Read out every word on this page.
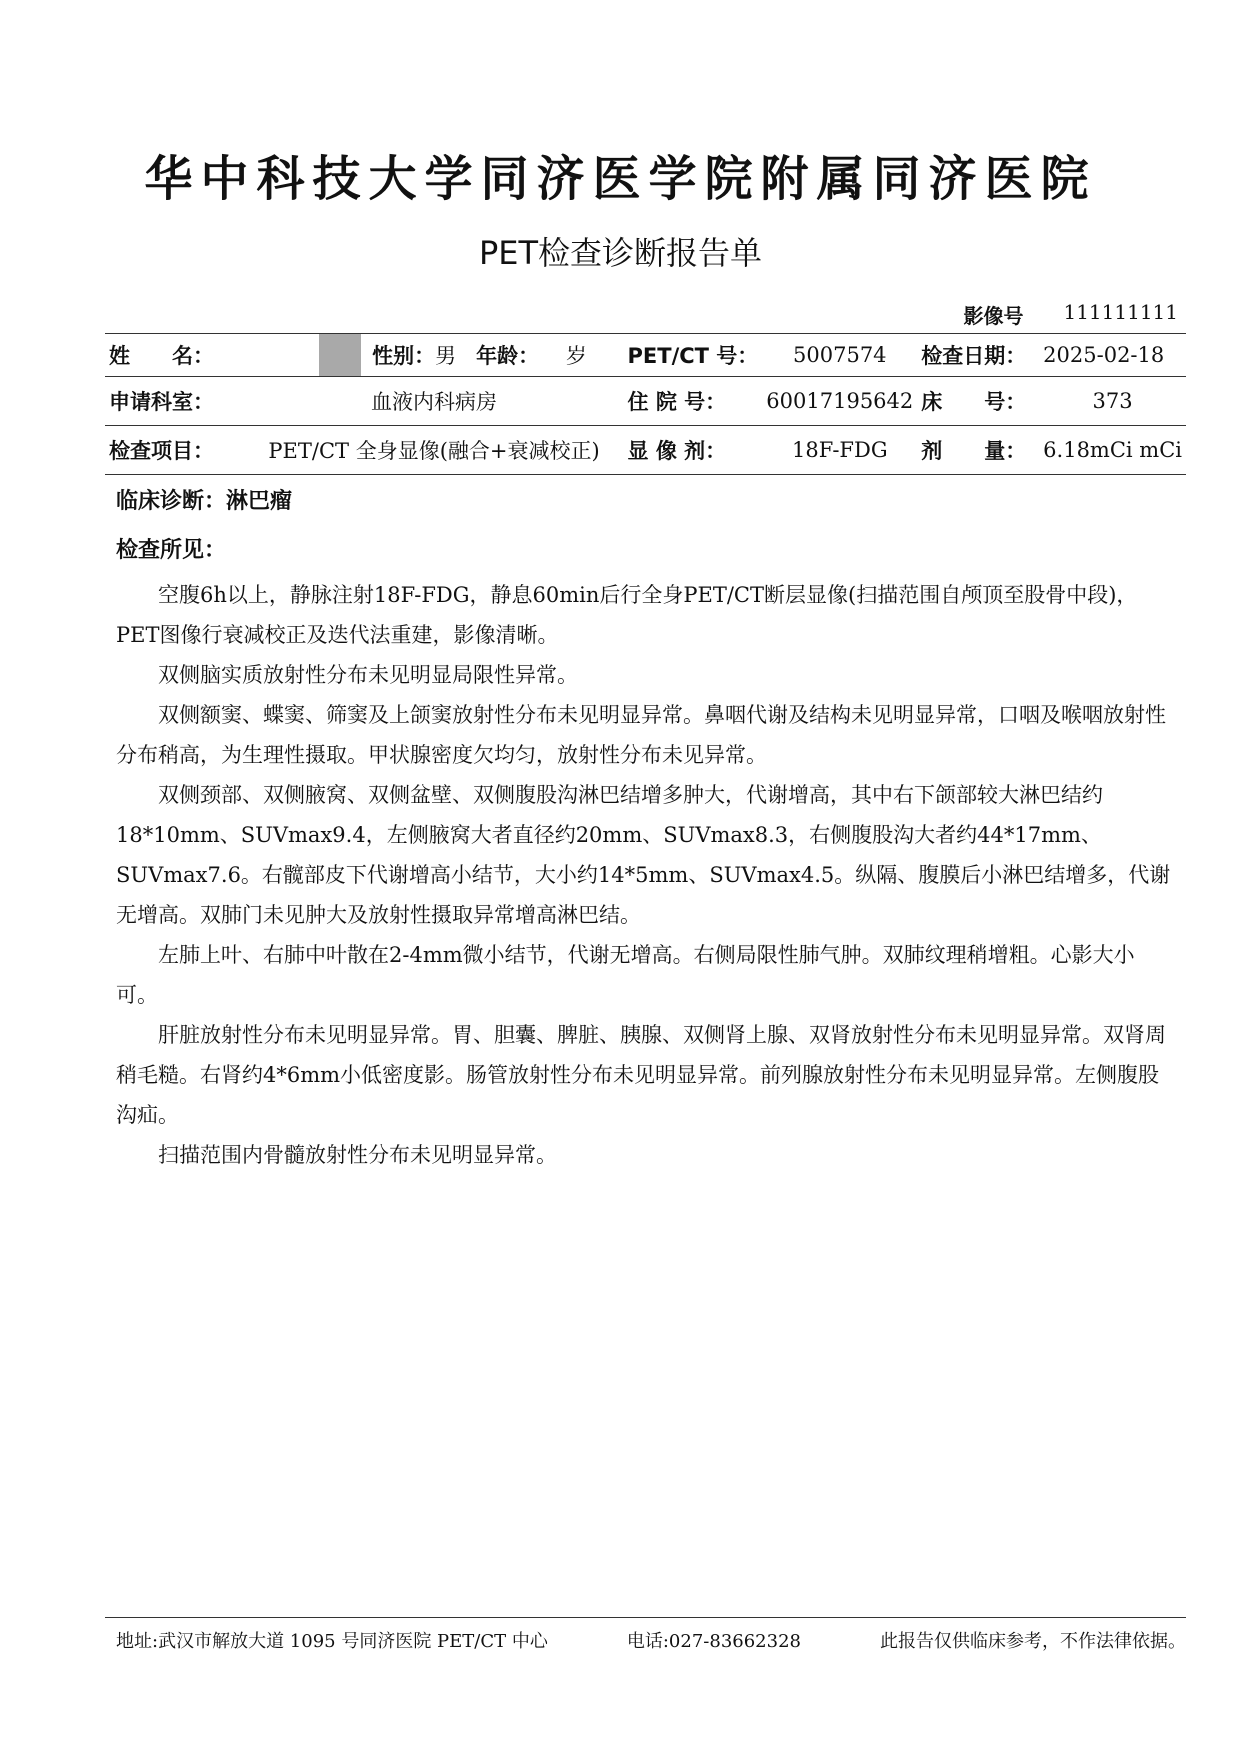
华中科技大学同济医学院附属同济医院
PET检查诊断报告单
影像号 111111111
姓　　名：		性别：男 年龄： 岁	PET/CT 号：	5007574	检查日期：	2025-02-18
申请科室：	血液内科病房		住 院 号：	60017195642	床　　号：	373
检查项目：	PET/CT 全身显像(融合+衰减校正)		显 像 剂：	18F-FDG	剂　　量：	6.18mCi mCi
临床诊断：淋巴瘤
检查所见：

空腹6h以上，静脉注射18F-FDG，静息60min后行全身PET/CT断层显像(扫描范围自颅顶至股骨中段)，PET图像行衰减校正及迭代法重建，影像清晰。

双侧脑实质放射性分布未见明显局限性异常。

双侧额窦、蝶窦、筛窦及上颌窦放射性分布未见明显异常。鼻咽代谢及结构未见明显异常，口咽及喉咽放射性分布稍高，为生理性摄取。甲状腺密度欠均匀，放射性分布未见异常。

双侧颈部、双侧腋窝、双侧盆壁、双侧腹股沟淋巴结增多肿大，代谢增高，其中右下颌部较大淋巴结约18*10mm、SUVmax9.4，左侧腋窝大者直径约20mm、SUVmax8.3，右侧腹股沟大者约44*17mm、SUVmax7.6。右髋部皮下代谢增高小结节，大小约14*5mm、SUVmax4.5。纵隔、腹膜后小淋巴结增多，代谢无增高。双肺门未见肿大及放射性摄取异常增高淋巴结。

左肺上叶、右肺中叶散在2-4mm微小结节，代谢无增高。右侧局限性肺气肿。双肺纹理稍增粗。心影大小可。

肝脏放射性分布未见明显异常。胃、胆囊、脾脏、胰腺、双侧肾上腺、双肾放射性分布未见明显异常。双肾周稍毛糙。右肾约4*6mm小低密度影。肠管放射性分布未见明显异常。前列腺放射性分布未见明显异常。左侧腹股沟疝。

扫描范围内骨髓放射性分布未见明显异常。

地址:武汉市解放大道 1095 号同济医院 PET/CT 中心	电话:027-83662328	此报告仅供临床参考，不作法律依据。
